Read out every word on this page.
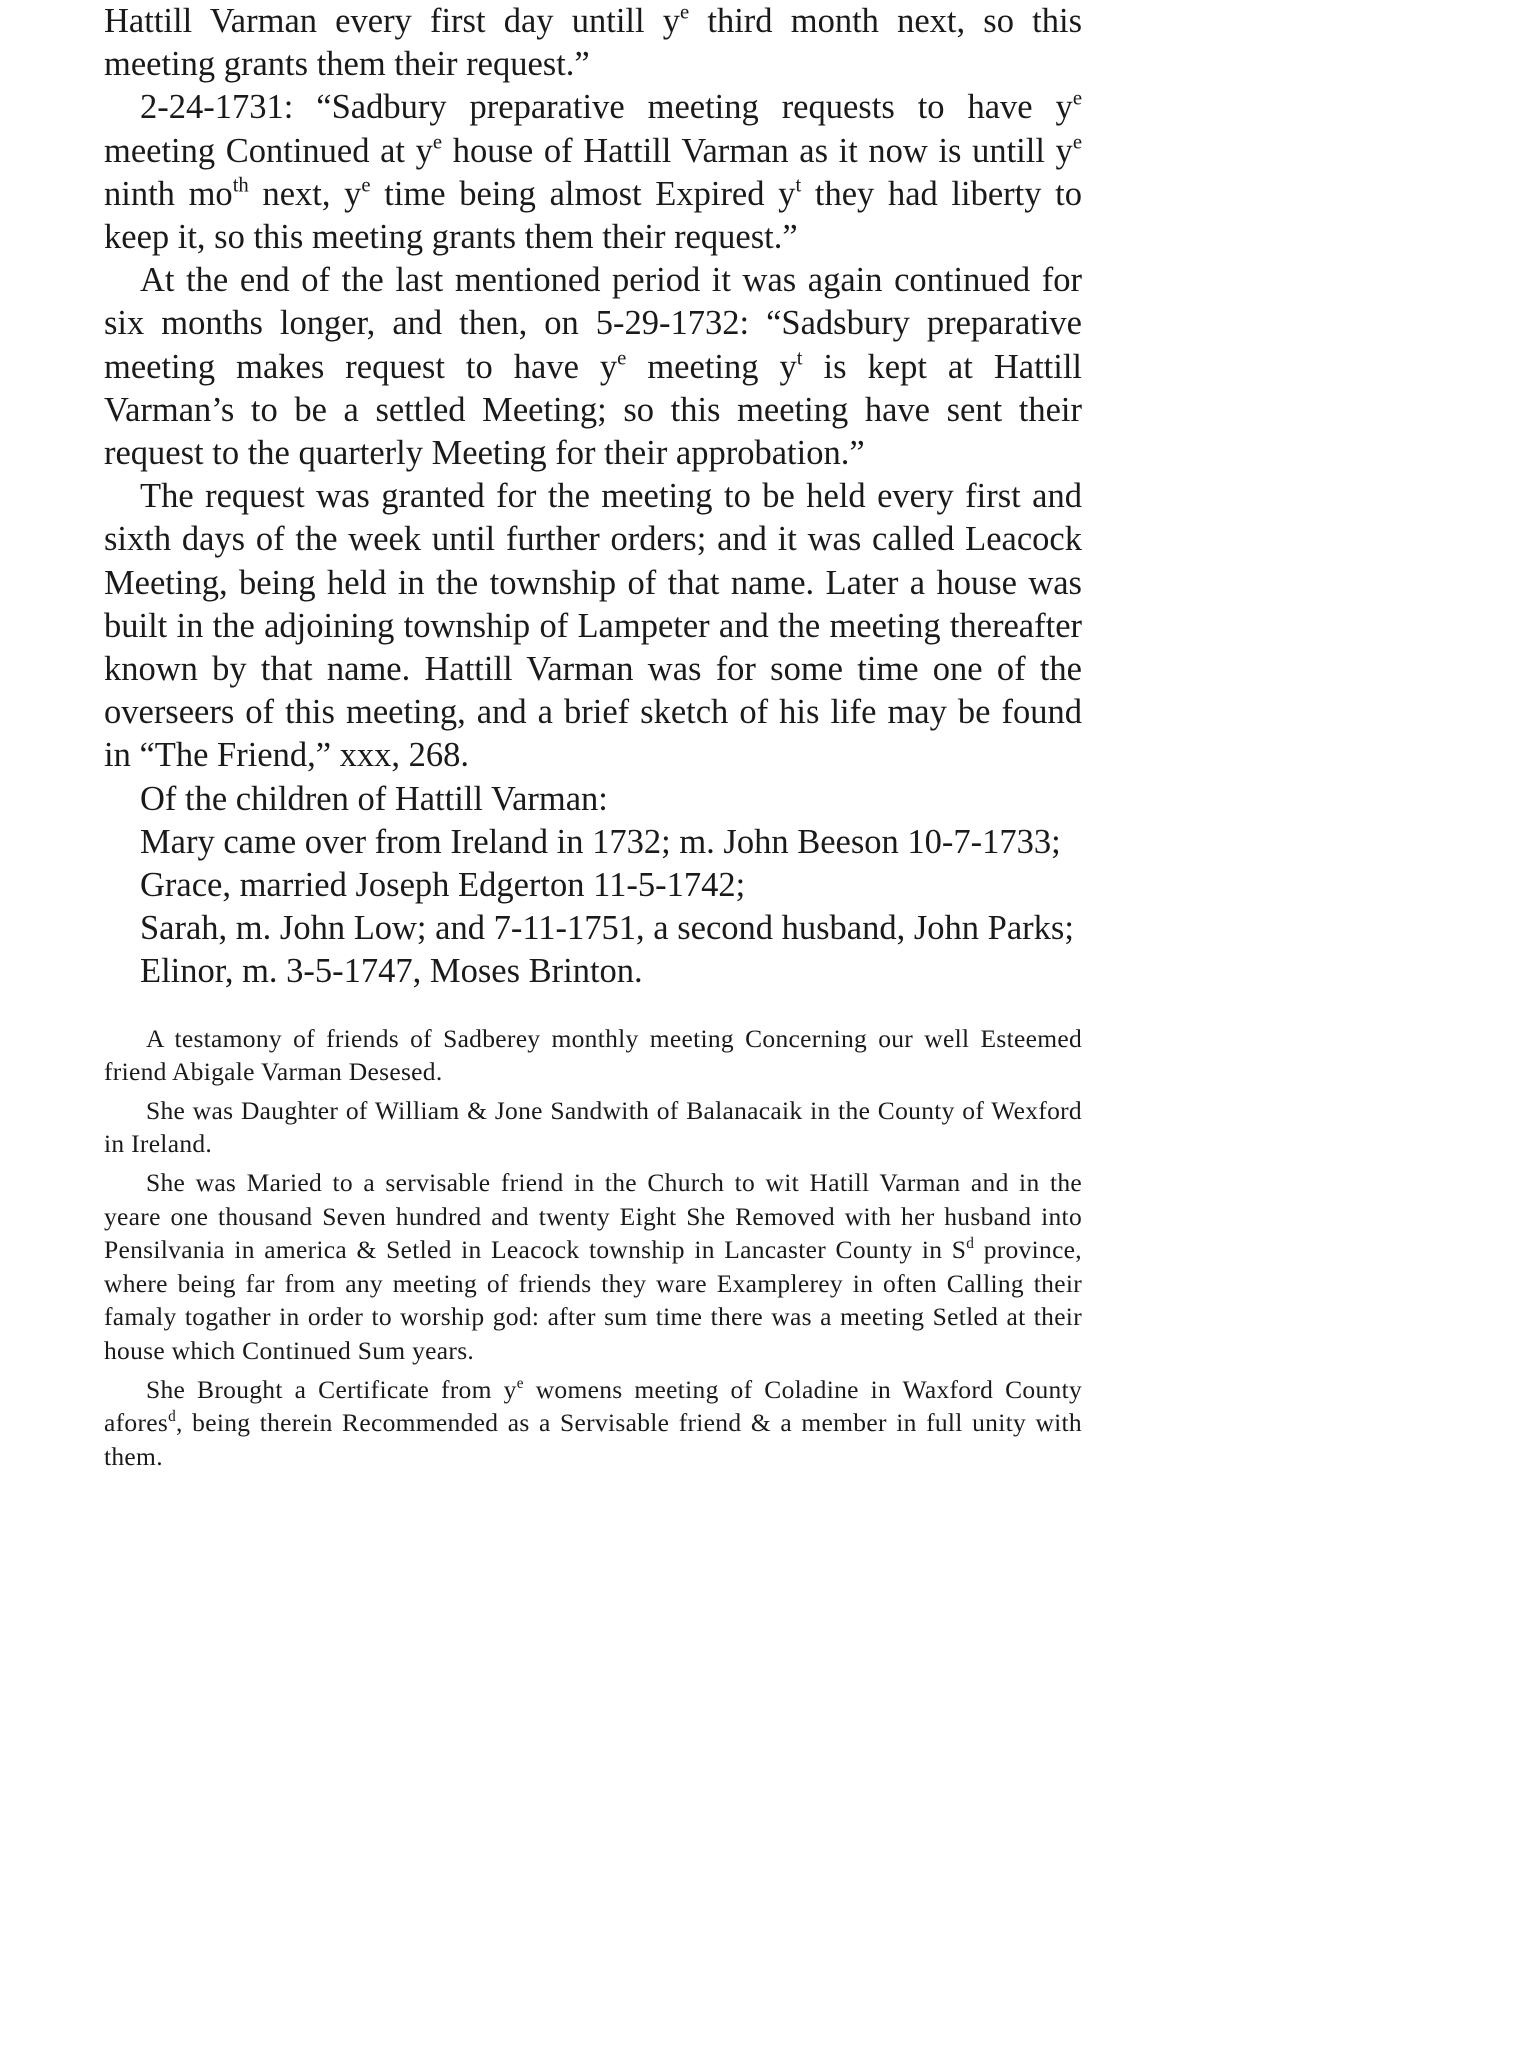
Hattill Varman every first day untill $y^e$ third month next, so this meeting grants them their request.”

2-24-1731: “Sadbury preparative meeting requests to have $y^e$ meeting Continued at $y^e$ house of Hattill Varman as it now is untill $y^e$ ninth $mo^{th}$ next, $y^e$ time being almost Expired $y^t$ they had liberty to keep it, so this meeting grants them their request.”

At the end of the last mentioned period it was again continued for six months longer, and then, on 5-29-1732: “Sadsbury preparative meeting makes request to have $y^e$ meeting $y^t$ is kept at Hattill Varman’s to be a settled Meeting; so this meeting have sent their request to the quarterly Meeting for their approbation.”

The request was granted for the meeting to be held every first and sixth days of the week until further orders; and it was called Leacock Meeting, being held in the township of that name. Later a house was built in the adjoining township of Lampeter and the meeting thereafter known by that name. Hattill Varman was for some time one of the overseers of this meeting, and a brief sketch of his life may be found in “The Friend,” xxx, 268.

Of the children of Hattill Varman:

Mary came over from Ireland in 1732; m. John Beeson 10-7-1733;

Grace, married Joseph Edgerton 11-5-1742;

Sarah, m. John Low; and 7-11-1751, a second husband, John Parks;

Elinor, m. 3-5-1747, Moses Brinton.

A testamony of friends of Sadberey monthly meeting Concerning our well Esteemed friend Abigale Varman Desesed.

She was Daughter of William & Jone Sandwith of Balanacaik in the County of Wexford in Ireland.

She was Maried to a servisable friend in the Church to wit Hatill Varman and in the yeare one thousand Seven hundred and twenty Eight She Removed with her husband into Pensilvania in america & Setled in Leacock township in Lancaster County in $S^d$ province, where being far from any meeting of friends they ware Examplerey in often Calling their famaly togather in order to worship god: after sum time there was a meeting Setled at their house which Continued Sum years.

She Brought a Certificate from $y^e$ womens meeting of Coladine in Waxford County afores$^d$, being therein Recommended as a Servisable friend & a member in full unity with them.
